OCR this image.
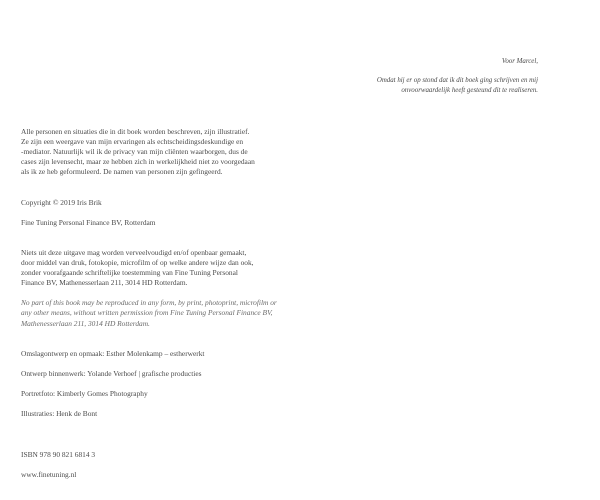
Alle personen en situaties die in dit boek worden beschreven, zijn illustratief.
Ze zijn een weergave van mijn ervaringen als echtscheidingsdeskundige en
-mediator. Natuurlijk wil ik de privacy van mijn cliënten waarborgen, dus de
cases zijn levensecht, maar ze hebben zich in werkelijkheid niet zo voorgedaan
als ik ze heb geformuleerd. De namen van personen zijn gefingeerd.

Copyright © 2019 Iris Brik

Fine Tuning Personal Finance BV, Rotterdam

Niets uit deze uitgave mag worden verveelvoudigd en/of openbaar gemaakt,
door middel van druk, fotokopie, microfilm of op welke andere wijze dan ook,
zonder voorafgaande schriftelijke toestemming van Fine Tuning Personal
Finance BV, Mathenesserlaan 211, 3014 HD Rotterdam.

No part of this book may be reproduced in any form, by print, photoprint, microfilm or
any other means, without written permission from Fine Tuning Personal Finance BV,
Mathenesserlaan 211, 3014 HD Rotterdam.

Omslagontwerp en opmaak: Esther Molenkamp – estherwerkt

Ontwerp binnenwerk: Yolande Verhoef | grafische producties

Portretfoto: Kimberly Gomes Photography

Illustraties: Henk de Bont

ISBN 978 90 821 6814 3

www.finetuning.nl

Voor Marcel,

Omdat hij er op stond dat ik dit boek ging schrijven en mij
onvoorwaardelijk heeft gesteund dit te realiseren.
